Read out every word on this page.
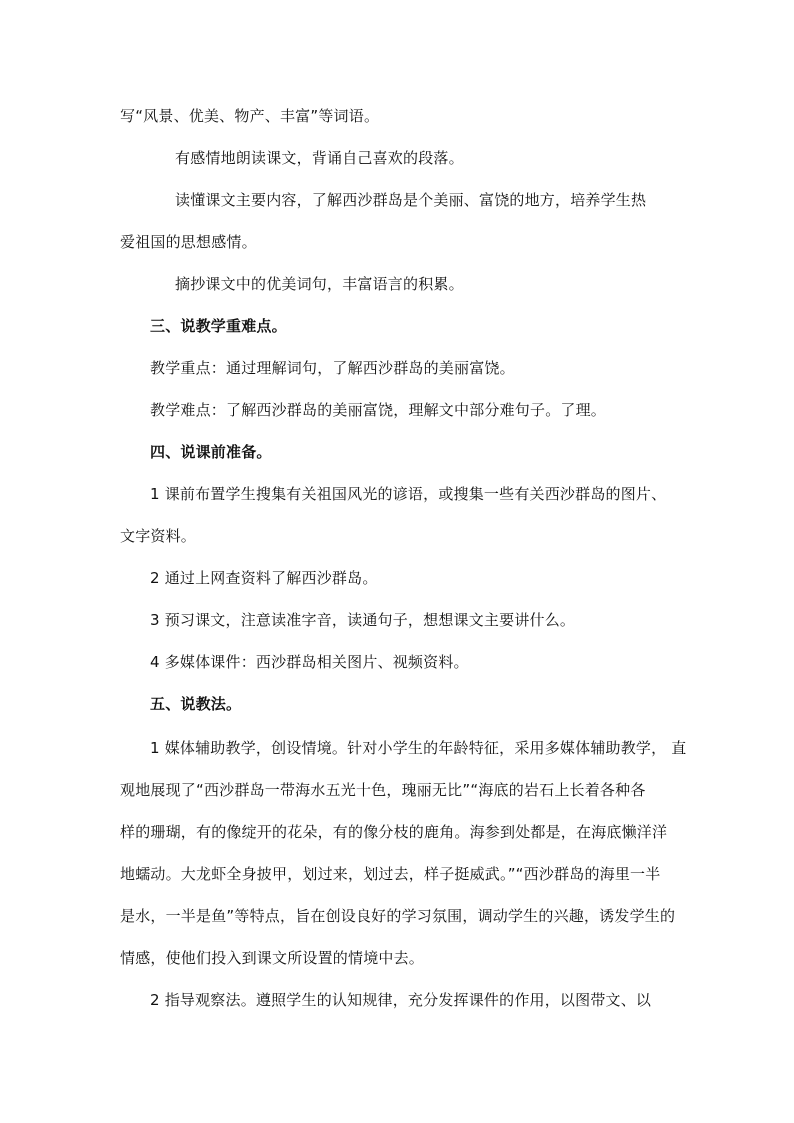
写“风景、优美、物产、丰富”等词语。
有感情地朗读课文，背诵自己喜欢的段落。
读懂课文主要内容，了解西沙群岛是个美丽、富饶的地方，培养学生热
爱祖国的思想感情。
摘抄课文中的优美词句，丰富语言的积累。
三、说教学重难点。
教学重点：通过理解词句，了解西沙群岛的美丽富饶。
教学难点：了解西沙群岛的美丽富饶，理解文中部分难句子。了理。
四、说课前准备。
1 课前布置学生搜集有关祖国风光的谚语，或搜集一些有关西沙群岛的图片、
文字资料。
2 通过上网查资料了解西沙群岛。
3 预习课文，注意读准字音，读通句子，想想课文主要讲什么。
4 多媒体课件：西沙群岛相关图片、视频资料。
五、说教法。
1 媒体辅助教学，创设情境。针对小学生的年龄特征，采用多媒体辅助教学， 直
观地展现了“西沙群岛一带海水五光十色，瑰丽无比”“海底的岩石上长着各种各
样的珊瑚，有的像绽开的花朵，有的像分枝的鹿角。海参到处都是，在海底懒洋洋
地蠕动。大龙虾全身披甲，划过来，划过去，样子挺威武。”“西沙群岛的海里一半
是水，一半是鱼”等特点，旨在创设良好的学习氛围，调动学生的兴趣，诱发学生的
情感，使他们投入到课文所设置的情境中去。
2 指导观察法。遵照学生的认知规律，充分发挥课件的作用，以图带文、以
